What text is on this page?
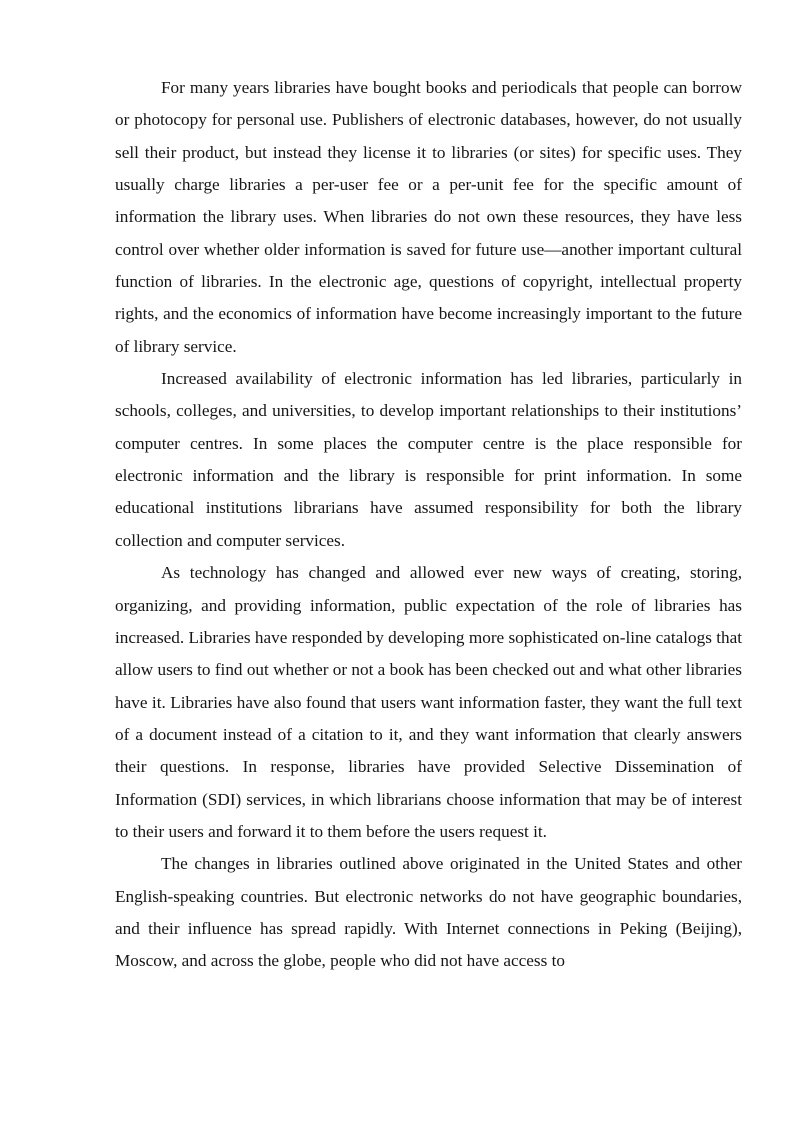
For many years libraries have bought books and periodicals that people can borrow or photocopy for personal use. Publishers of electronic databases, however, do not usually sell their product, but instead they license it to libraries (or sites) for specific uses. They usually charge libraries a per-user fee or a per-unit fee for the specific amount of information the library uses. When libraries do not own these resources, they have less control over whether older information is saved for future use—another important cultural function of libraries. In the electronic age, questions of copyright, intellectual property rights, and the economics of information have become increasingly important to the future of library service.

Increased availability of electronic information has led libraries, particularly in schools, colleges, and universities, to develop important relationships to their institutions’ computer centres. In some places the computer centre is the place responsible for electronic information and the library is responsible for print information. In some educational institutions librarians have assumed responsibility for both the library collection and computer services.

As technology has changed and allowed ever new ways of creating, storing, organizing, and providing information, public expectation of the role of libraries has increased. Libraries have responded by developing more sophisticated on-line catalogs that allow users to find out whether or not a book has been checked out and what other libraries have it. Libraries have also found that users want information faster, they want the full text of a document instead of a citation to it, and they want information that clearly answers their questions. In response, libraries have provided Selective Dissemination of Information (SDI) services, in which librarians choose information that may be of interest to their users and forward it to them before the users request it.

The changes in libraries outlined above originated in the United States and other English-speaking countries. But electronic networks do not have geographic boundaries, and their influence has spread rapidly. With Internet connections in Peking (Beijing), Moscow, and across the globe, people who did not have access to
